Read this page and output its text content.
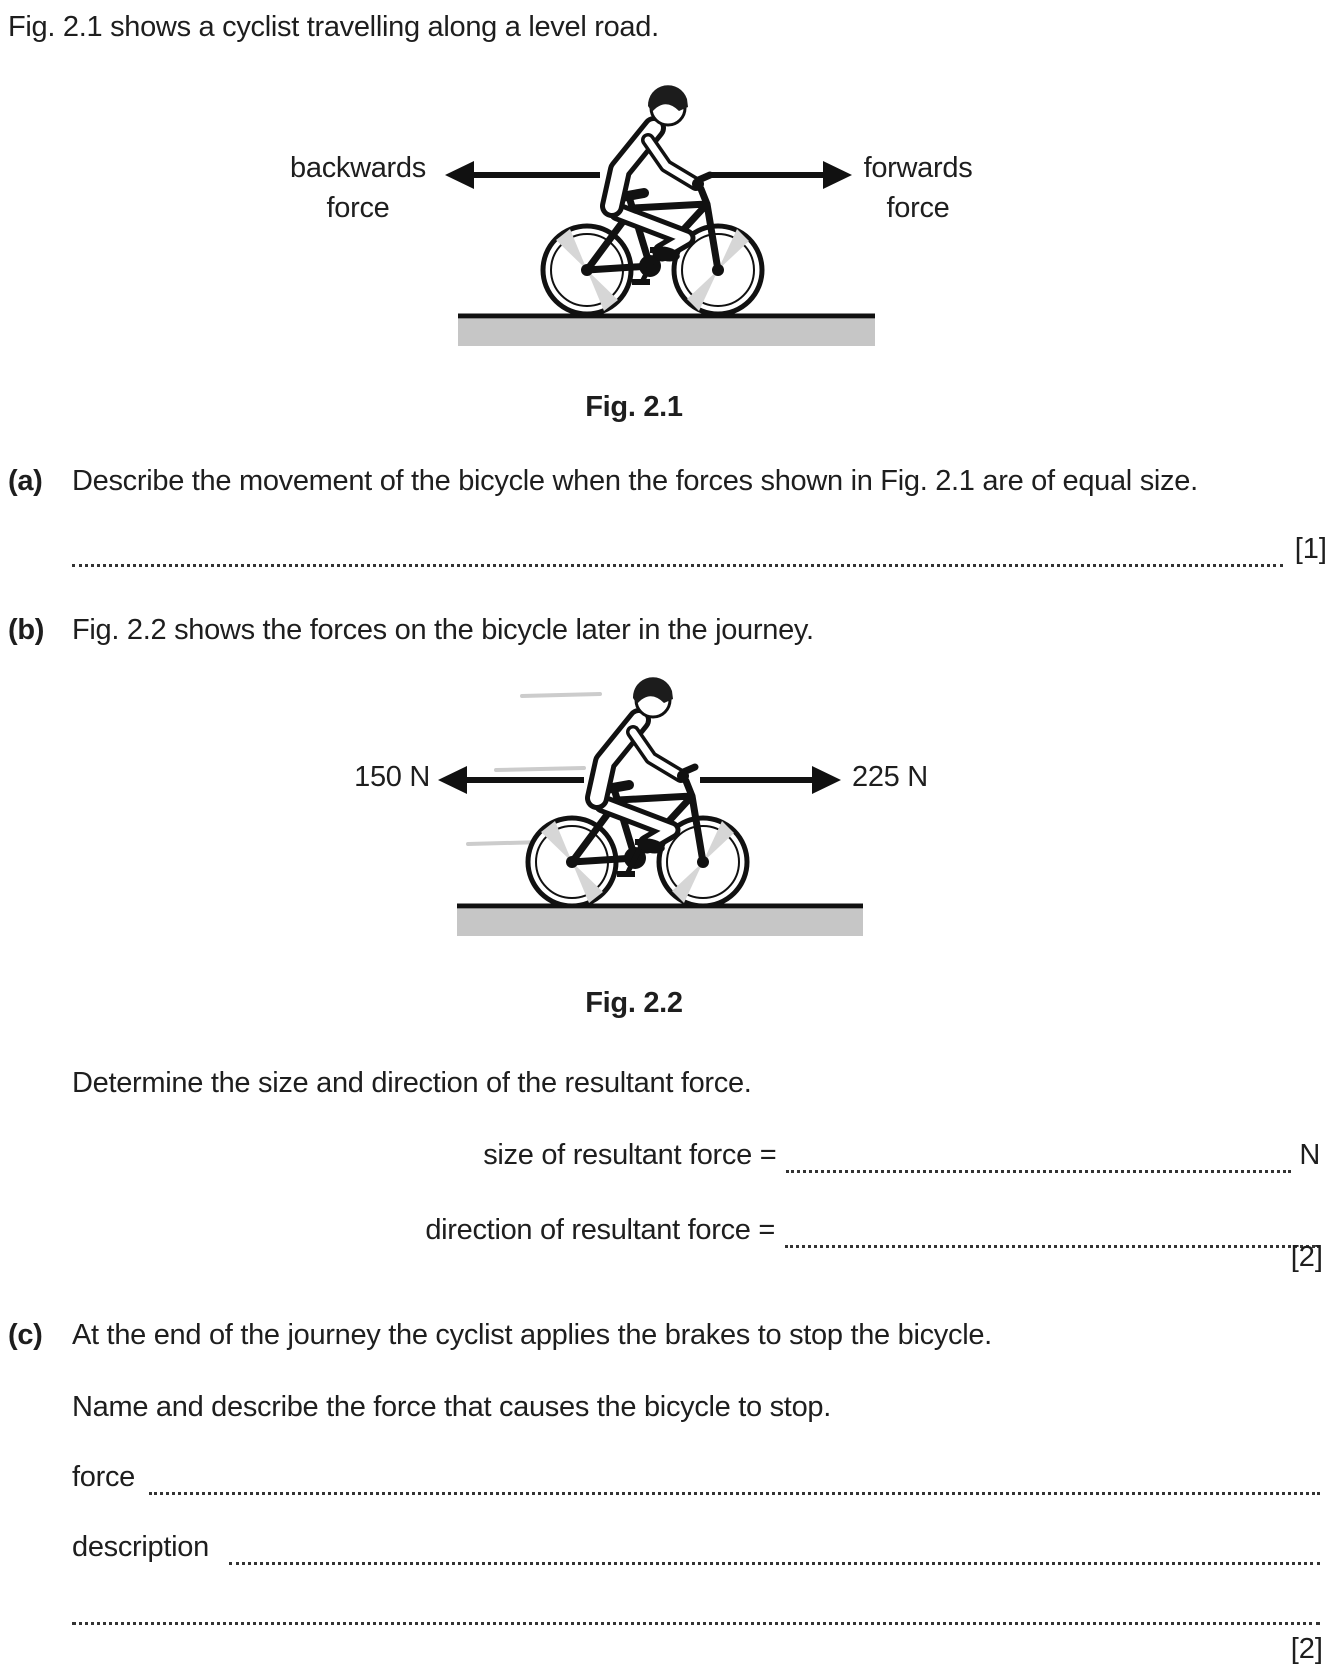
Fig. 2.1 shows a cyclist travelling along a level road.
backwards
force
forwards
force
Fig. 2.1
(a)	Describe the movement of the bicycle when the forces shown in Fig. 2.1 are of equal size.
[1]
(b) Fig. 2.2 shows the forces on the bicycle later in the journey.
150 N	225 N
Fig. 2.2
Determine the size and direction of the resultant force.
size of resultant force =	N
direction of resultant force =
[2]
(c)	At the end of the journey the cyclist applies the brakes to stop the bicycle.
Name and describe the force that causes the bicycle to stop.
force
description
[2]
